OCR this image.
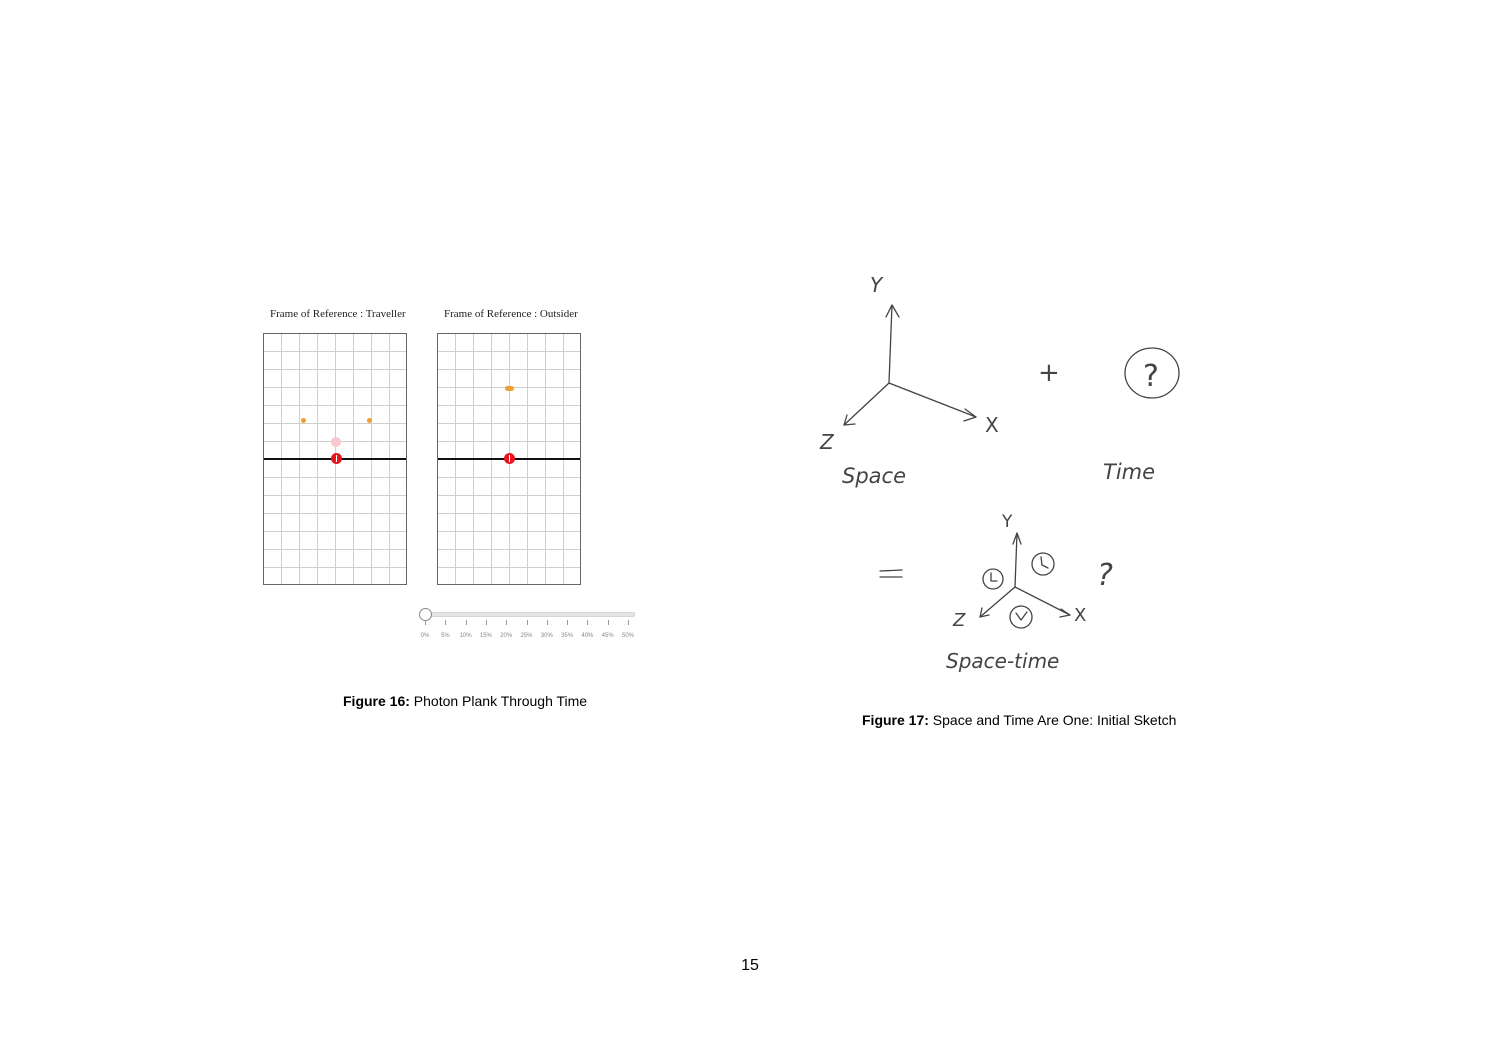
Frame of Reference : Traveller	Frame of Reference : Outsider
0% 5% 10% 15% 20% 25% 30% 35% 40% 45% 50%
Figure 16: Photon Plank Through Time
Y
X
Z
Space
+	?
Time
Y
X
Z
?
Space-time
Figure 17: Space and Time Are One: Initial Sketch
15
